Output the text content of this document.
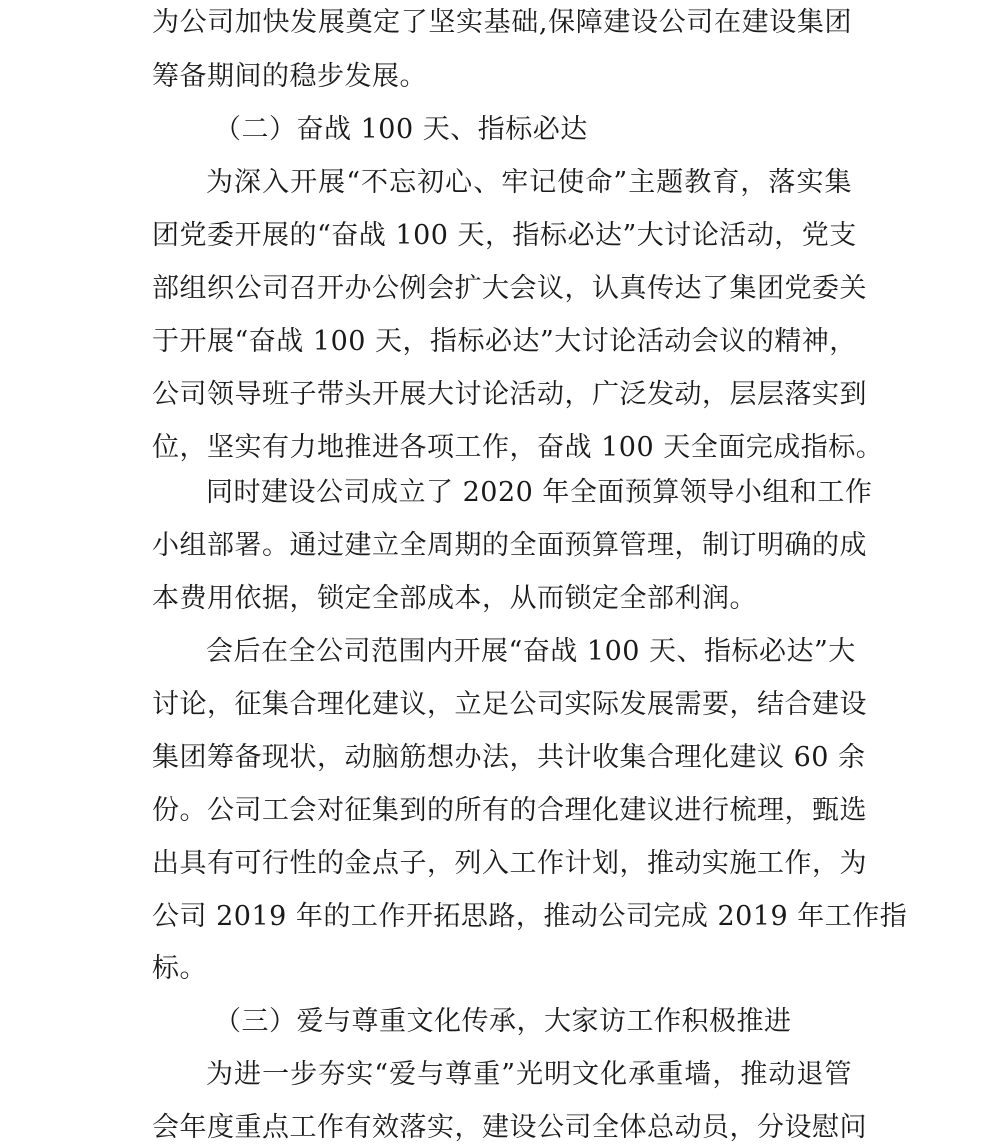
为公司加快发展奠定了坚实基础,保障建设公司在建设集团
筹备期间的稳步发展。
（二）奋战 100 天、指标必达
为深入开展“不忘初心、牢记使命”主题教育，落实集
团党委开展的“奋战 100 天，指标必达”大讨论活动，党支
部组织公司召开办公例会扩大会议，认真传达了集团党委关
于开展“奋战 100 天，指标必达”大讨论活动会议的精神，
公司领导班子带头开展大讨论活动，广泛发动，层层落实到
位，坚实有力地推进各项工作，奋战 100 天全面完成指标。
同时建设公司成立了 2020 年全面预算领导小组和工作
小组部署。通过建立全周期的全面预算管理，制订明确的成
本费用依据，锁定全部成本，从而锁定全部利润。
会后在全公司范围内开展“奋战 100 天、指标必达”大
讨论，征集合理化建议，立足公司实际发展需要，结合建设
集团筹备现状，动脑筋想办法，共计收集合理化建议 60 余
份。公司工会对征集到的所有的合理化建议进行梳理，甄选
出具有可行性的金点子，列入工作计划，推动实施工作，为
公司 2019 年的工作开拓思路，推动公司完成 2019 年工作指
标。
（三）爱与尊重文化传承，大家访工作积极推进
为进一步夯实“爱与尊重”光明文化承重墙，推动退管
会年度重点工作有效落实，建设公司全体总动员，分设慰问
